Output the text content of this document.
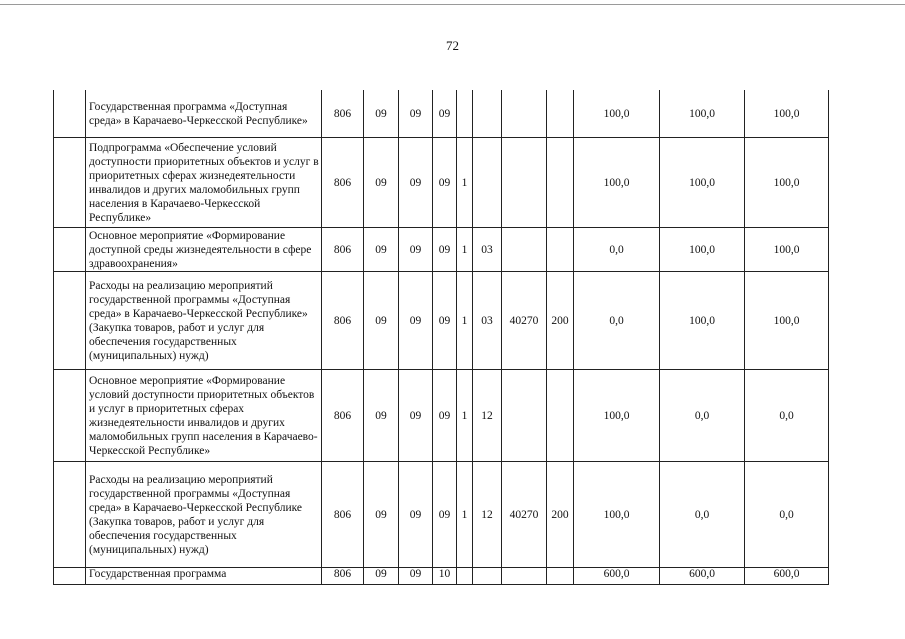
72
	Государственная программа «Доступная среда» в Карачаево-Черкесской Республике»	806	09	09	09					100,0	100,0	100,0
	Подпрограмма «Обеспечение условий доступности приоритетных объектов и услуг в приоритетных сферах жизнедеятельности инвалидов и других маломобильных групп населения в Карачаево-Черкесской Республике»	806	09	09	09	1				100,0	100,0	100,0
	Основное мероприятие «Формирование доступной среды жизнедеятельности в сфере здравоохранения»	806	09	09	09	1	03			0,0	100,0	100,0
	Расходы на реализацию мероприятий государственной программы «Доступная среда» в Карачаево-Черкесской Республике» (Закупка товаров, работ и услуг для обеспечения государственных (муниципальных) нужд)	806	09	09	09	1	03	40270	200	0,0	100,0	100,0
	Основное мероприятие «Формирование условий доступности приоритетных объектов и услуг в приоритетных сферах жизнедеятельности инвалидов и других маломобильных групп населения в Карачаево-Черкесской Республике»	806	09	09	09	1	12			100,0	0,0	0,0
	Расходы на реализацию мероприятий государственной программы «Доступная среда» в Карачаево-Черкесской Республике (Закупка товаров, работ и услуг для обеспечения государственных (муниципальных) нужд)	806	09	09	09	1	12	40270	200	100,0	0,0	0,0
	Государственная программа	806	09	09	10					600,0	600,0	600,0
